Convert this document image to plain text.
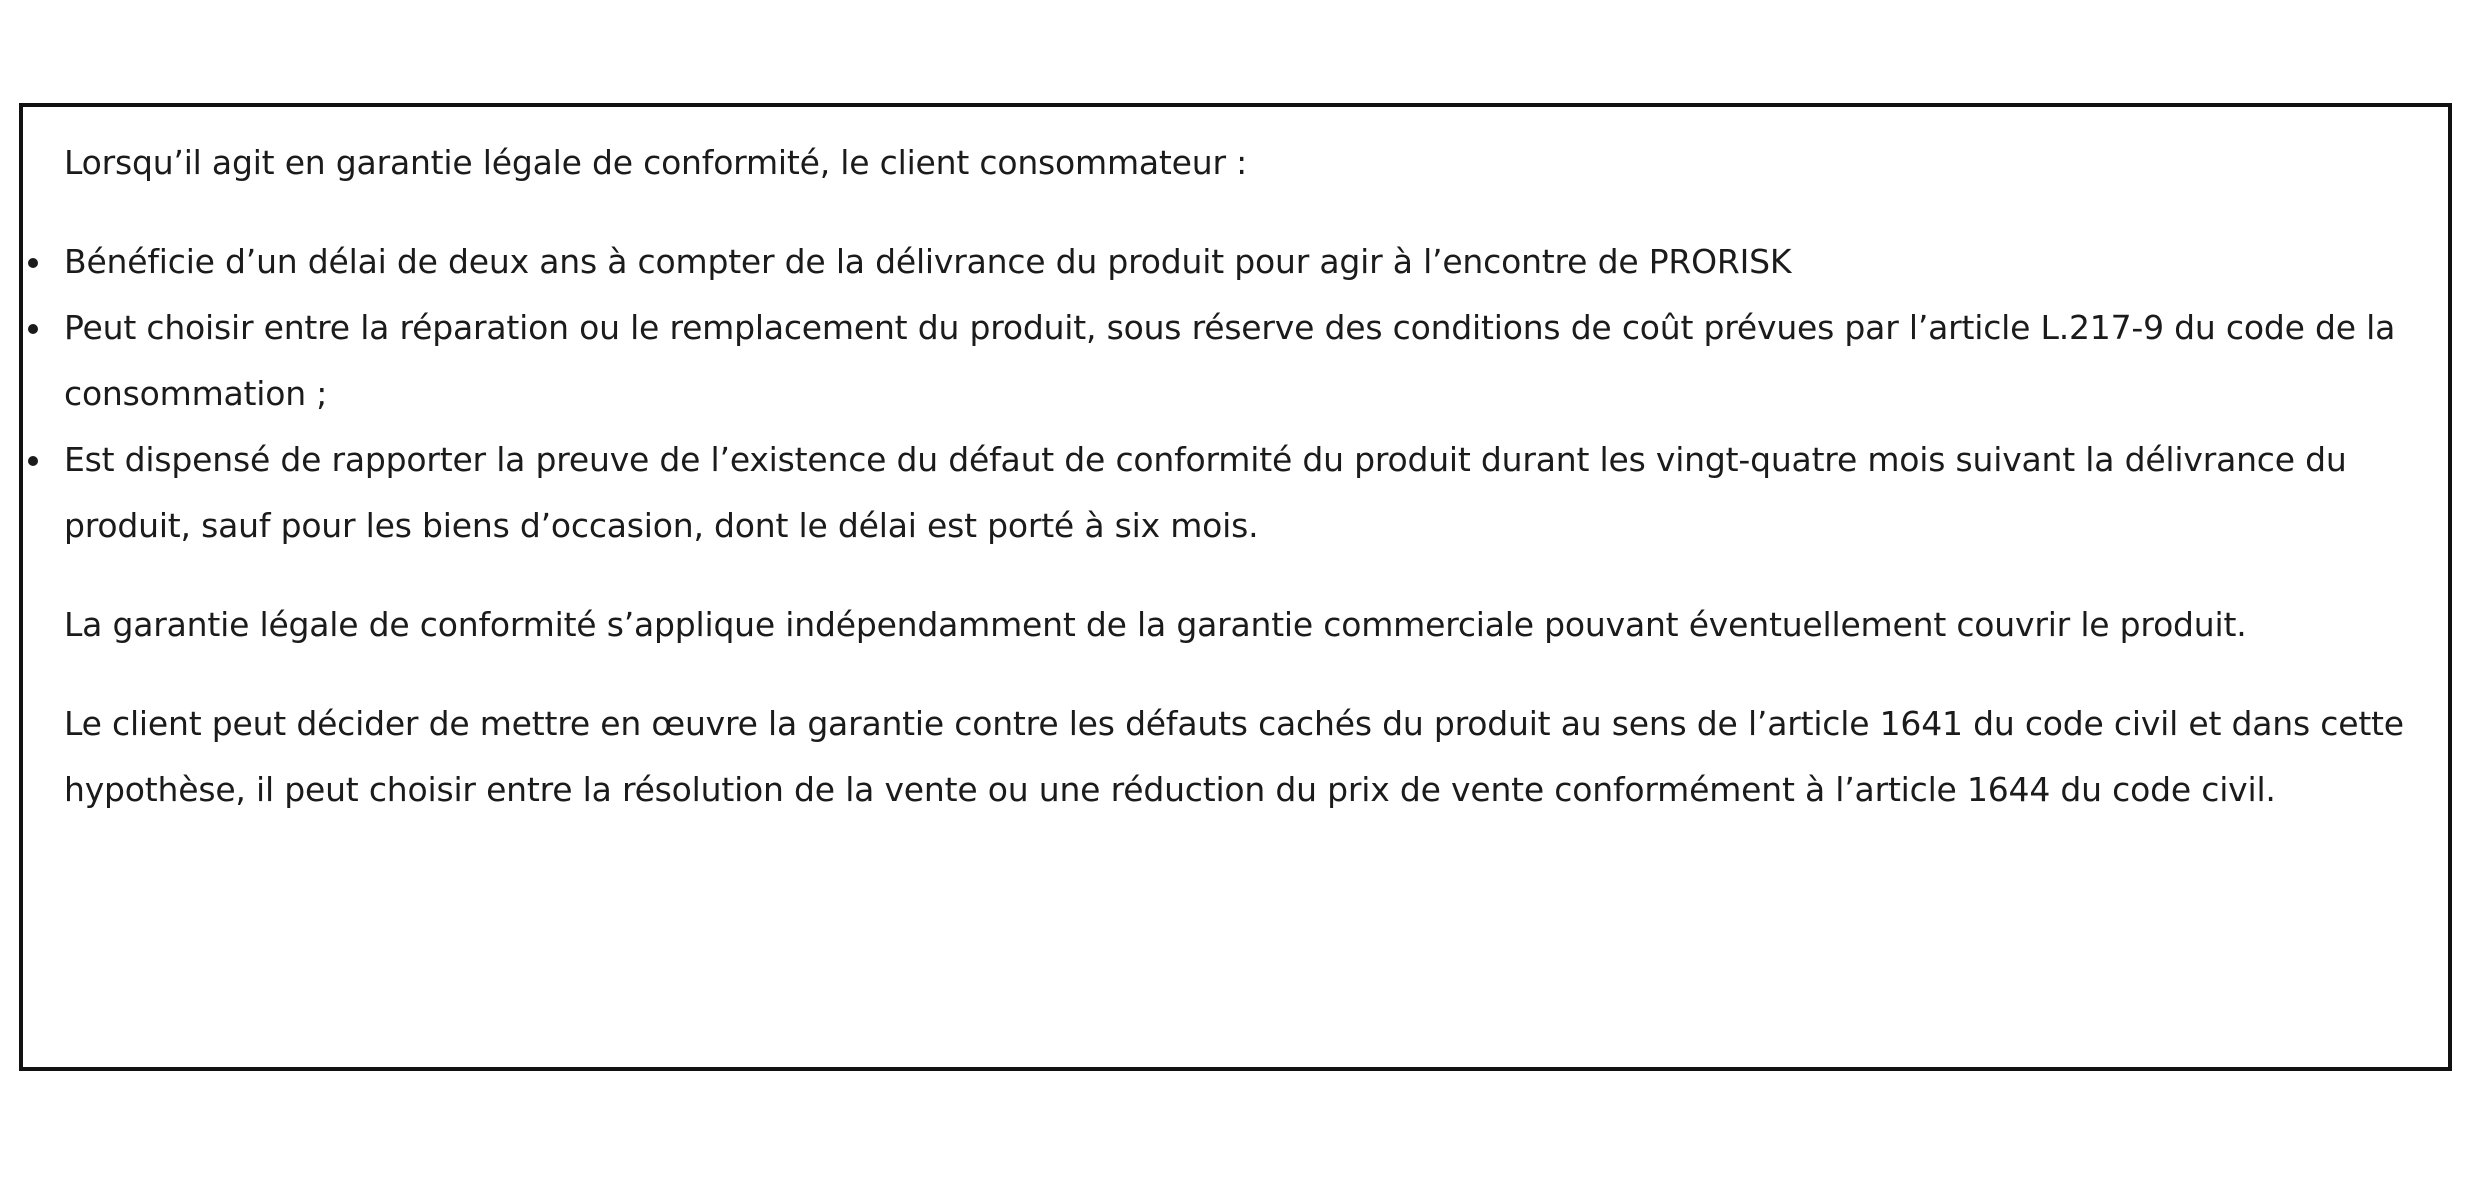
Lorsqu’il agit en garantie légale de conformité, le client consommateur :

Bénéficie d’un délai de deux ans à compter de la délivrance du produit pour agir à l’encontre de PRORISK
Peut choisir entre la réparation ou le remplacement du produit, sous réserve des conditions de coût prévues par l’article L.217-9 du code de la consommation ;
Est dispensé de rapporter la preuve de l’existence du défaut de conformité du produit durant les vingt-quatre mois suivant la délivrance du produit, sauf pour les biens d’occasion, dont le délai est porté à six mois.

La garantie légale de conformité s’applique indépendamment de la garantie commerciale pouvant éventuellement couvrir le produit.

Le client peut décider de mettre en œuvre la garantie contre les défauts cachés du produit au sens de l’article 1641 du code civil et dans cette hypothèse, il peut choisir entre la résolution de la vente ou une réduction du prix de vente conformément à l’article 1644 du code civil.
